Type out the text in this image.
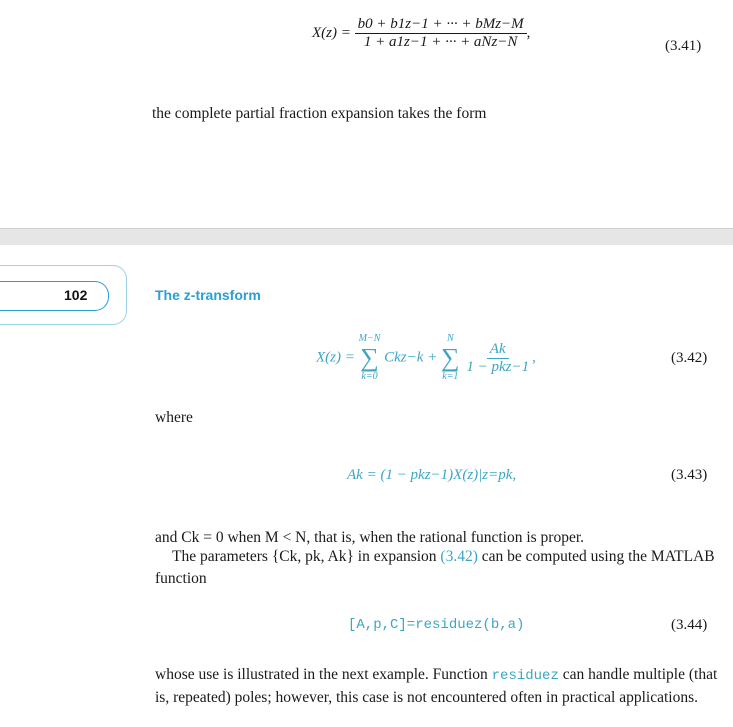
$X(z) = \frac{\text{b0 + b1z−1 + ··· + bMz−M}}{\text{1 + a1z−1 + ··· + aNz−N}}$ ,
(3.41)
the complete partial fraction expansion takes the form
102	The z-transform
X(z) =
M−N
∑
k=0
Ckz−k +
N
∑
k=1

$\frac{Ak}{\text{1 − pkz−1}}$ ,	(3.42)
where
Ak = (1 − pkz−1)X(z)|z=pk,	(3.43)
and Ck = 0 when M < N, that is, when the rational function is proper.
The parameters {Ck, pk, Ak} in expansion (3.42) can be computed using the MATLAB
function
[A,p,C]=residuez(b,a)	(3.44)
whose use is illustrated in the next example. Function residuez can handle multiple (that
is, repeated) poles; however, this case is not encountered often in practical applications.
